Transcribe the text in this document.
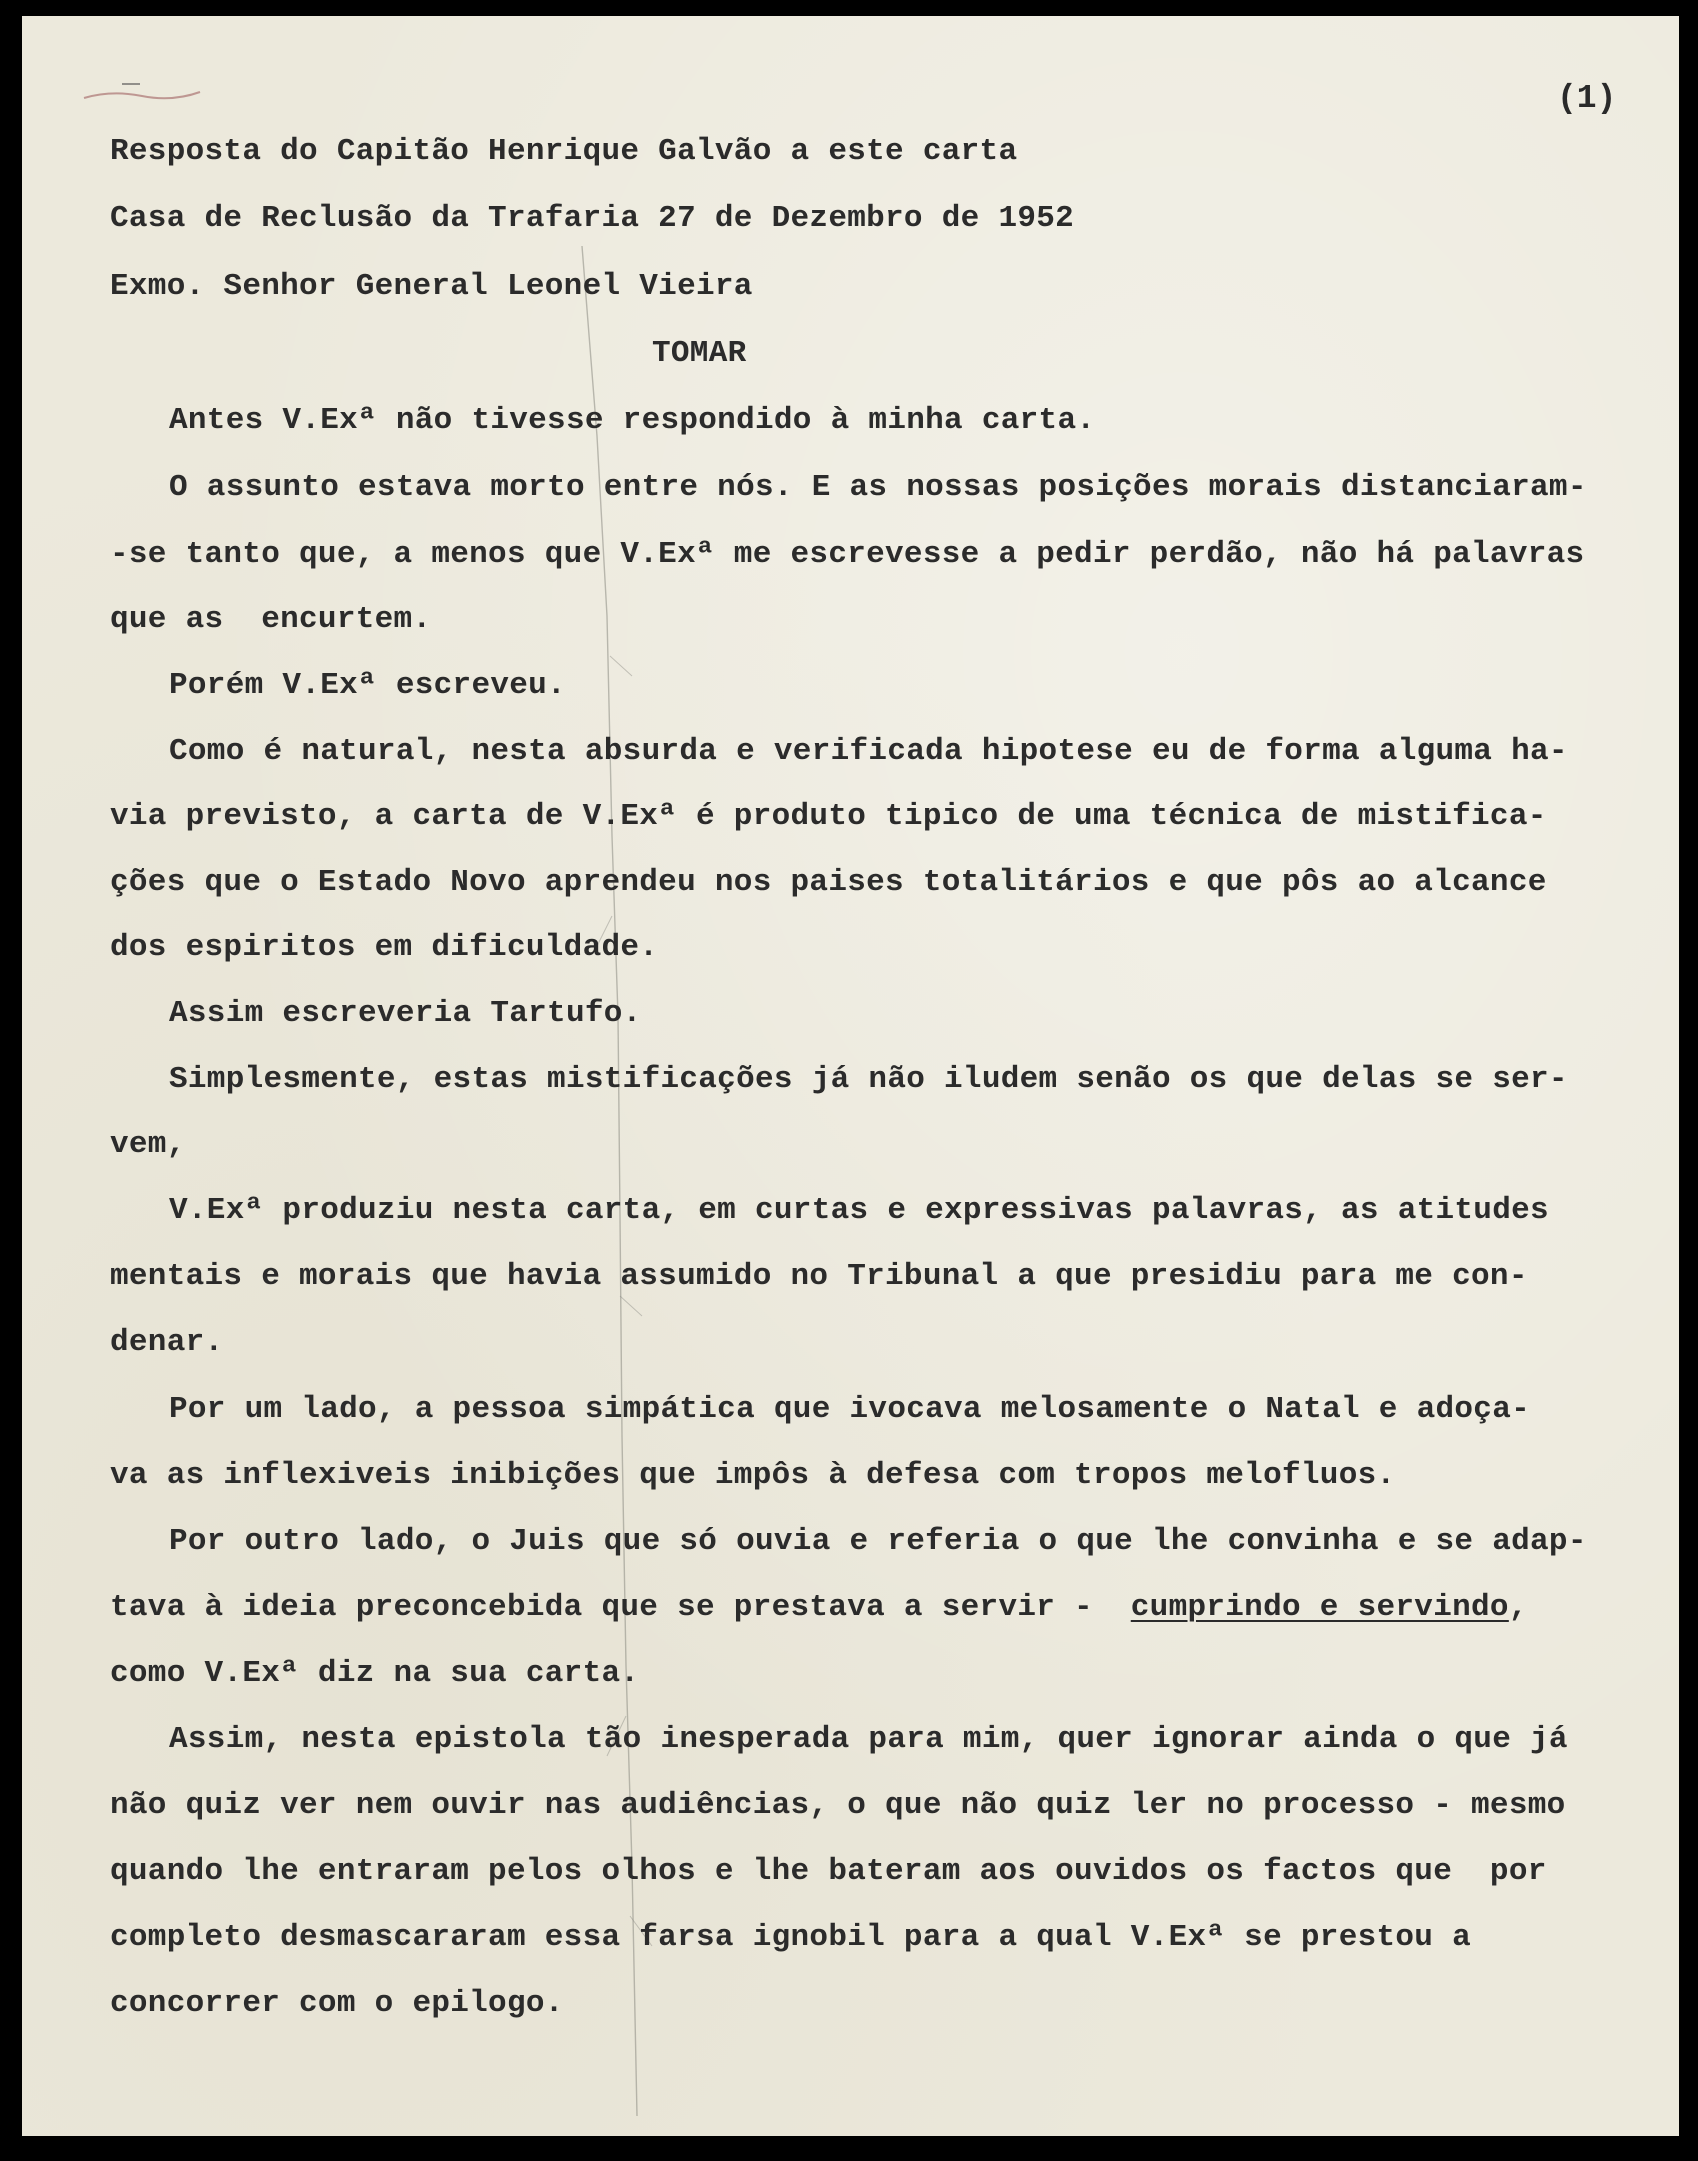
(1)
Resposta do Capitão Henrique Galvão a este carta
Casa de Reclusão da Trafaria 27 de Dezembro de 1952
Exmo. Senhor General Leonel Vieira
TOMAR
Antes V.Exª não tivesse respondido à minha carta.
O assunto estava morto entre nós. E as nossas posições morais distanciaram-
-se tanto que, a menos que V.Exª me escrevesse a pedir perdão, não há palavras
que as  encurtem.
Porém V.Exª escreveu.
Como é natural, nesta absurda e verificada hipotese eu de forma alguma ha-
via previsto, a carta de V.Exª é produto tipico de uma técnica de mistifica-
ções que o Estado Novo aprendeu nos paises totalitários e que pôs ao alcance
dos espiritos em dificuldade.
Assim escreveria Tartufo.
Simplesmente, estas mistificações já não iludem senão os que delas se ser-
vem,
V.Exª produziu nesta carta, em curtas e expressivas palavras, as atitudes
mentais e morais que havia assumido no Tribunal a que presidiu para me con-
denar.
Por um lado, a pessoa simpática que ivocava melosamente o Natal e adoça-
va as inflexiveis inibições que impôs à defesa com tropos melofluos.
Por outro lado, o Juis que só ouvia e referia o que lhe convinha e se adap-
tava à ideia preconcebida que se prestava a servir -  cumprindo e servindo,
como V.Exª diz na sua carta.
Assim, nesta epistola tão inesperada para mim, quer ignorar ainda o que já
não quiz ver nem ouvir nas audiências, o que não quiz ler no processo - mesmo
quando lhe entraram pelos olhos e lhe bateram aos ouvidos os factos que  por
completo desmascararam essa farsa ignobil para a qual V.Exª se prestou a
concorrer com o epilogo.
